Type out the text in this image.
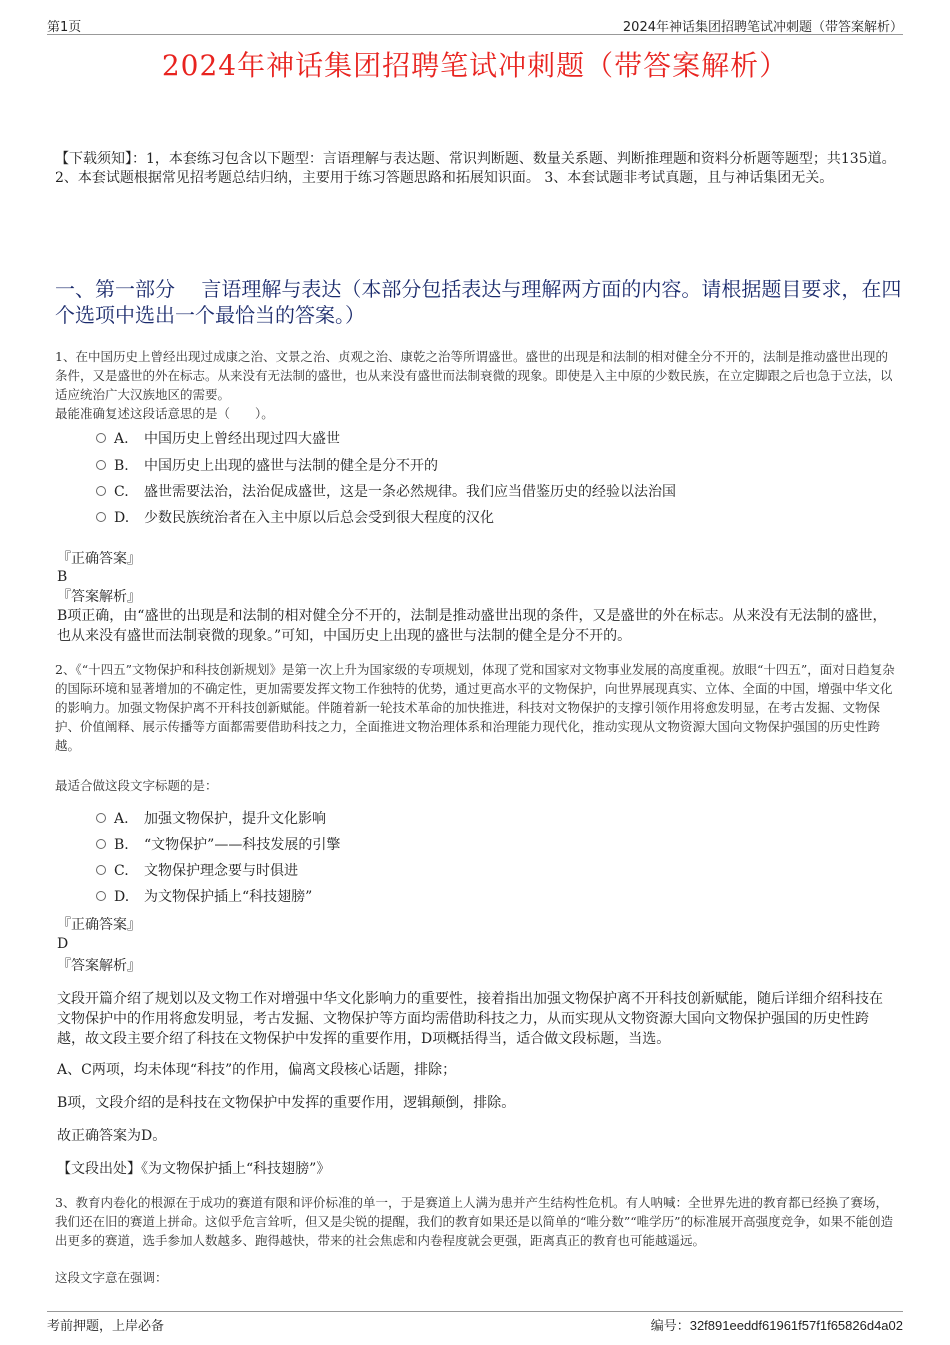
第1页	2024年神话集团招聘笔试冲刺题（带答案解析）
2024年神话集团招聘笔试冲刺题（带答案解析）
【下载须知】：1，本套练习包含以下题型：言语理解与表达题、常识判断题、数量关系题、判断推理题和资料分析题等题型；共135道。 2、本套试题根据常见招考题总结归纳，主要用于练习答题思路和拓展知识面。 3、本套试题非考试真题，且与神话集团无关。
一、第一部分　 言语理解与表达（本部分包括表达与理解两方面的内容。请根据题目要求，在四个选项中选出一个最恰当的答案。）
1、在中国历史上曾经出现过成康之治、文景之治、贞观之治、康乾之治等所谓盛世。盛世的出现是和法制的相对健全分不开的，法制是推动盛世出现的条件，又是盛世的外在标志。从来没有无法制的盛世，也从来没有盛世而法制衰微的现象。即使是入主中原的少数民族，在立定脚跟之后也急于立法，以适应统治广大汉族地区的需要。
最能准确复述这段话意思的是（　　）。
A. 中国历史上曾经出现过四大盛世
B. 中国历史上出现的盛世与法制的健全是分不开的
C. 盛世需要法治，法治促成盛世，这是一条必然规律。我们应当借鉴历史的经验以法治国
D. 少数民族统治者在入主中原以后总会受到很大程度的汉化
『正确答案』
B
『答案解析』
B项正确，由“盛世的出现是和法制的相对健全分不开的，法制是推动盛世出现的条件，又是盛世的外在标志。从来没有无法制的盛世，也从来没有盛世而法制衰微的现象。”可知，中国历史上出现的盛世与法制的健全是分不开的。
2、《“十四五”文物保护和科技创新规划》是第一次上升为国家级的专项规划，体现了党和国家对文物事业发展的高度重视。放眼“十四五”，面对日趋复杂的国际环境和显著增加的不确定性，更加需要发挥文物工作独特的优势，通过更高水平的文物保护，向世界展现真实、立体、全面的中国，增强中华文化的影响力。加强文物保护离不开科技创新赋能。伴随着新一轮技术革命的加快推进，科技对文物保护的支撑引领作用将愈发明显，在考古发掘、文物保护、价值阐释、展示传播等方面都需要借助科技之力，全面推进文物治理体系和治理能力现代化，推动实现从文物资源大国向文物保护强国的历史性跨越。
最适合做这段文字标题的是：
A. 加强文物保护，提升文化影响
B. “文物保护”——科技发展的引擎
C. 文物保护理念要与时俱进
D. 为文物保护插上“科技翅膀”
『正确答案』
D
『答案解析』
文段开篇介绍了规划以及文物工作对增强中华文化影响力的重要性，接着指出加强文物保护离不开科技创新赋能，随后详细介绍科技在文物保护中的作用将愈发明显，考古发掘、文物保护等方面均需借助科技之力，从而实现从文物资源大国向文物保护强国的历史性跨越，故文段主要介绍了科技在文物保护中发挥的重要作用，D项概括得当，适合做文段标题，当选。
A、C两项，均未体现“科技”的作用，偏离文段核心话题，排除；
B项，文段介绍的是科技在文物保护中发挥的重要作用，逻辑颠倒，排除。
故正确答案为D。
【文段出处】《为文物保护插上“科技翅膀”》
3、教育内卷化的根源在于成功的赛道有限和评价标准的单一，于是赛道上人满为患并产生结构性危机。有人呐喊：全世界先进的教育都已经换了赛场，我们还在旧的赛道上拼命。这似乎危言耸听，但又是尖锐的提醒，我们的教育如果还是以简单的“唯分数”“唯学历”的标准展开高强度竞争，如果不能创造出更多的赛道，选手参加人数越多、跑得越快，带来的社会焦虑和内卷程度就会更强，距离真正的教育也可能越遥远。
这段文字意在强调：
考前押题，上岸必备	编号：32f891eeddf61961f57f1f65826d4a02
